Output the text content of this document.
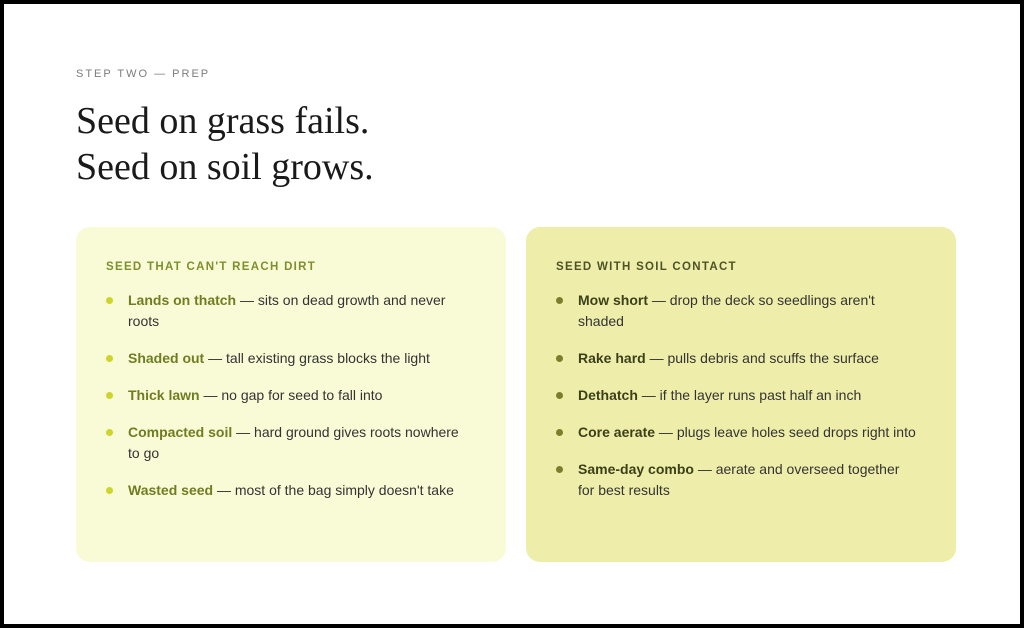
STEP TWO — PREP
Seed on grass fails.
Seed on soil grows.
SEED THAT CAN'T REACH DIRT
Lands on thatch — sits on dead growth and never roots
Shaded out — tall existing grass blocks the light
Thick lawn — no gap for seed to fall into
Compacted soil — hard ground gives roots nowhere to go
Wasted seed — most of the bag simply doesn't take
SEED WITH SOIL CONTACT
Mow short — drop the deck so seedlings aren't shaded
Rake hard — pulls debris and scuffs the surface
Dethatch — if the layer runs past half an inch
Core aerate — plugs leave holes seed drops right into
Same-day combo — aerate and overseed together for best results
